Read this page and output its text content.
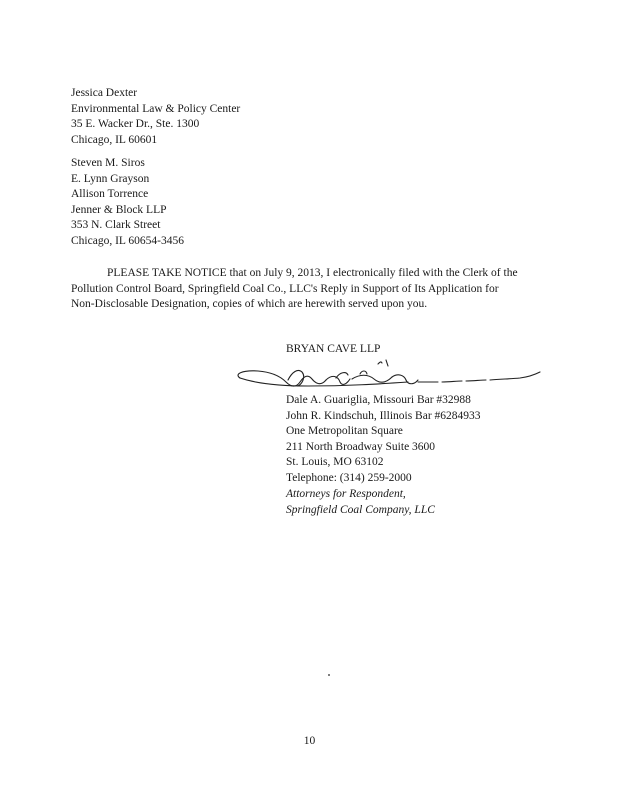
Jessica Dexter
Environmental Law & Policy Center
35 E. Wacker Dr., Ste. 1300
Chicago, IL 60601
Steven M. Siros
E. Lynn Grayson
Allison Torrence
Jenner & Block LLP
353 N. Clark Street
Chicago, IL 60654-3456
PLEASE TAKE NOTICE that on July 9, 2013, I electronically filed with the Clerk of the
Pollution Control Board, Springfield Coal Co., LLC's Reply in Support of Its Application for
Non-Disclosable Designation, copies of which are herewith served upon you.
BRYAN CAVE LLP
Dale A. Guariglia, Missouri Bar #32988
John R. Kindschuh, Illinois Bar #6284933
One Metropolitan Square
211 North Broadway Suite 3600
St. Louis, MO 63102
Telephone: (314) 259-2000
Attorneys for Respondent,
Springfield Coal Company, LLC
10
